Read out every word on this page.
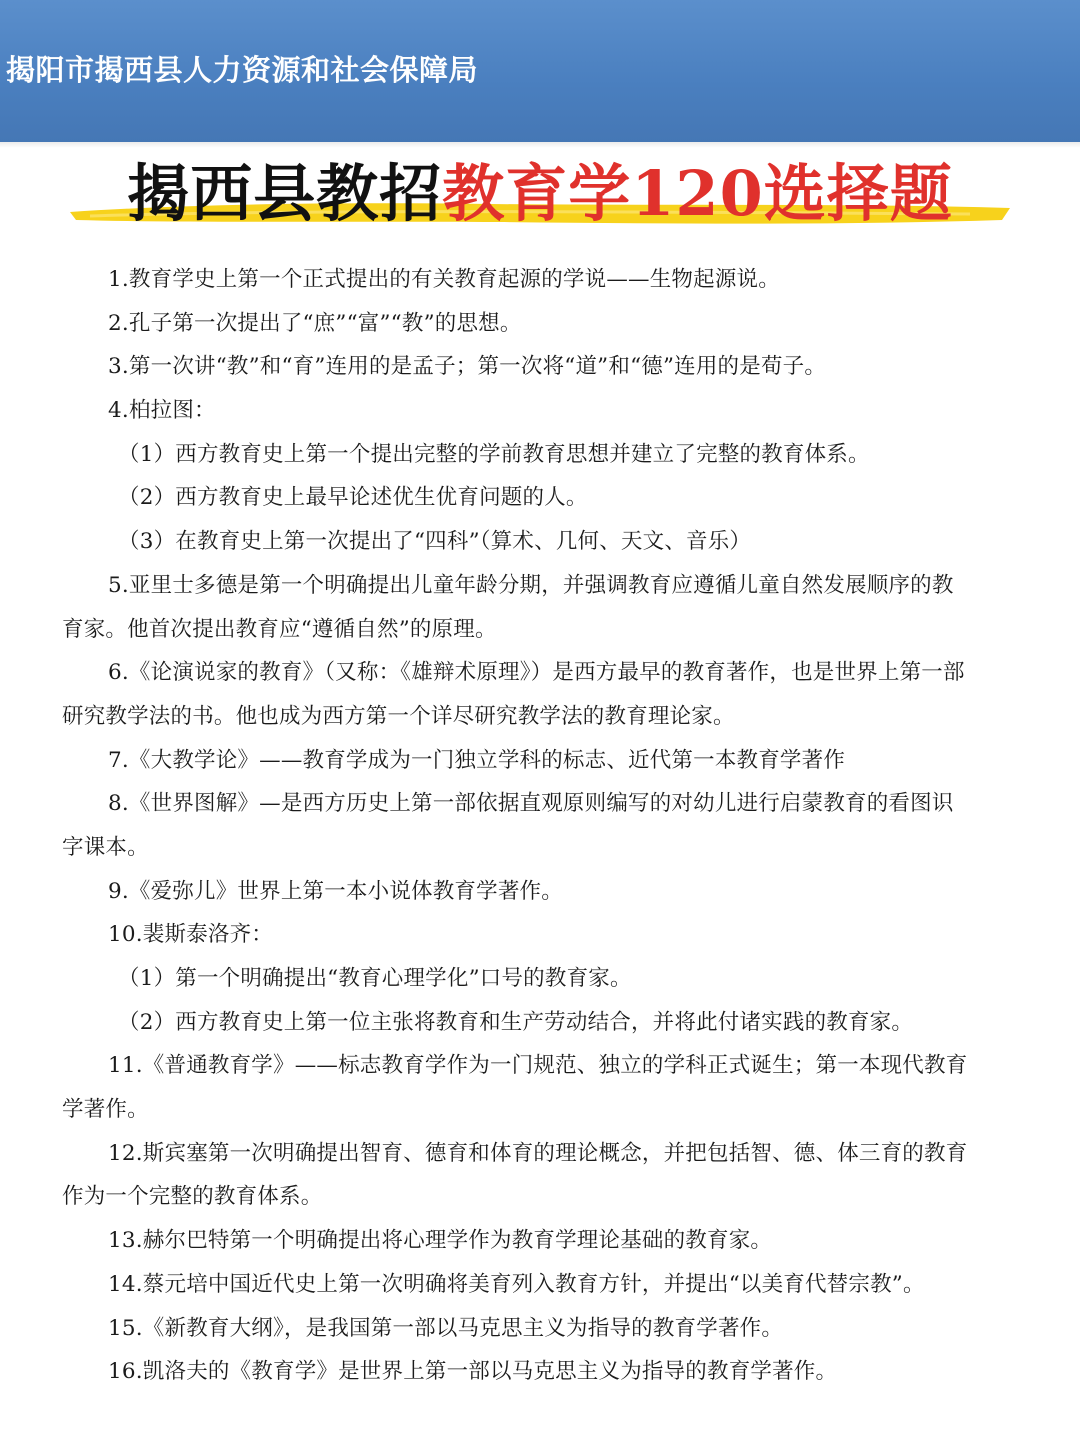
揭阳市揭西县人力资源和社会保障局
揭西县教招教育学120选择题
1.教育学史上第一个正式提出的有关教育起源的学说——生物起源说。
2.孔子第一次提出了“庶”“富”“教”的思想。
3.第一次讲“教”和“育”连用的是孟子；第一次将“道”和“德”连用的是荀子。
4.柏拉图：
（1）西方教育史上第一个提出完整的学前教育思想并建立了完整的教育体系。
（2）西方教育史上最早论述优生优育问题的人。
（3）在教育史上第一次提出了“四科”（算术、几何、天文、音乐）
5.亚里士多德是第一个明确提出儿童年龄分期，并强调教育应遵循儿童自然发展顺序的教
育家。他首次提出教育应“遵循自然”的原理。
6.《论演说家的教育》（又称：《雄辩术原理》）是西方最早的教育著作，也是世界上第一部
研究教学法的书。他也成为西方第一个详尽研究教学法的教育理论家。
7.《大教学论》——教育学成为一门独立学科的标志、近代第一本教育学著作
8.《世界图解》—是西方历史上第一部依据直观原则编写的对幼儿进行启蒙教育的看图识
字课本。
9.《爱弥儿》世界上第一本小说体教育学著作。
10.裴斯泰洛齐：
（1）第一个明确提出“教育心理学化”口号的教育家。
（2）西方教育史上第一位主张将教育和生产劳动结合，并将此付诸实践的教育家。
11.《普通教育学》——标志教育学作为一门规范、独立的学科正式诞生；第一本现代教育
学著作。
12.斯宾塞第一次明确提出智育、德育和体育的理论概念，并把包括智、德、体三育的教育
作为一个完整的教育体系。
13.赫尔巴特第一个明确提出将心理学作为教育学理论基础的教育家。
14.蔡元培中国近代史上第一次明确将美育列入教育方针，并提出“以美育代替宗教”。
15.《新教育大纲》，是我国第一部以马克思主义为指导的教育学著作。
16.凯洛夫的《教育学》是世界上第一部以马克思主义为指导的教育学著作。
